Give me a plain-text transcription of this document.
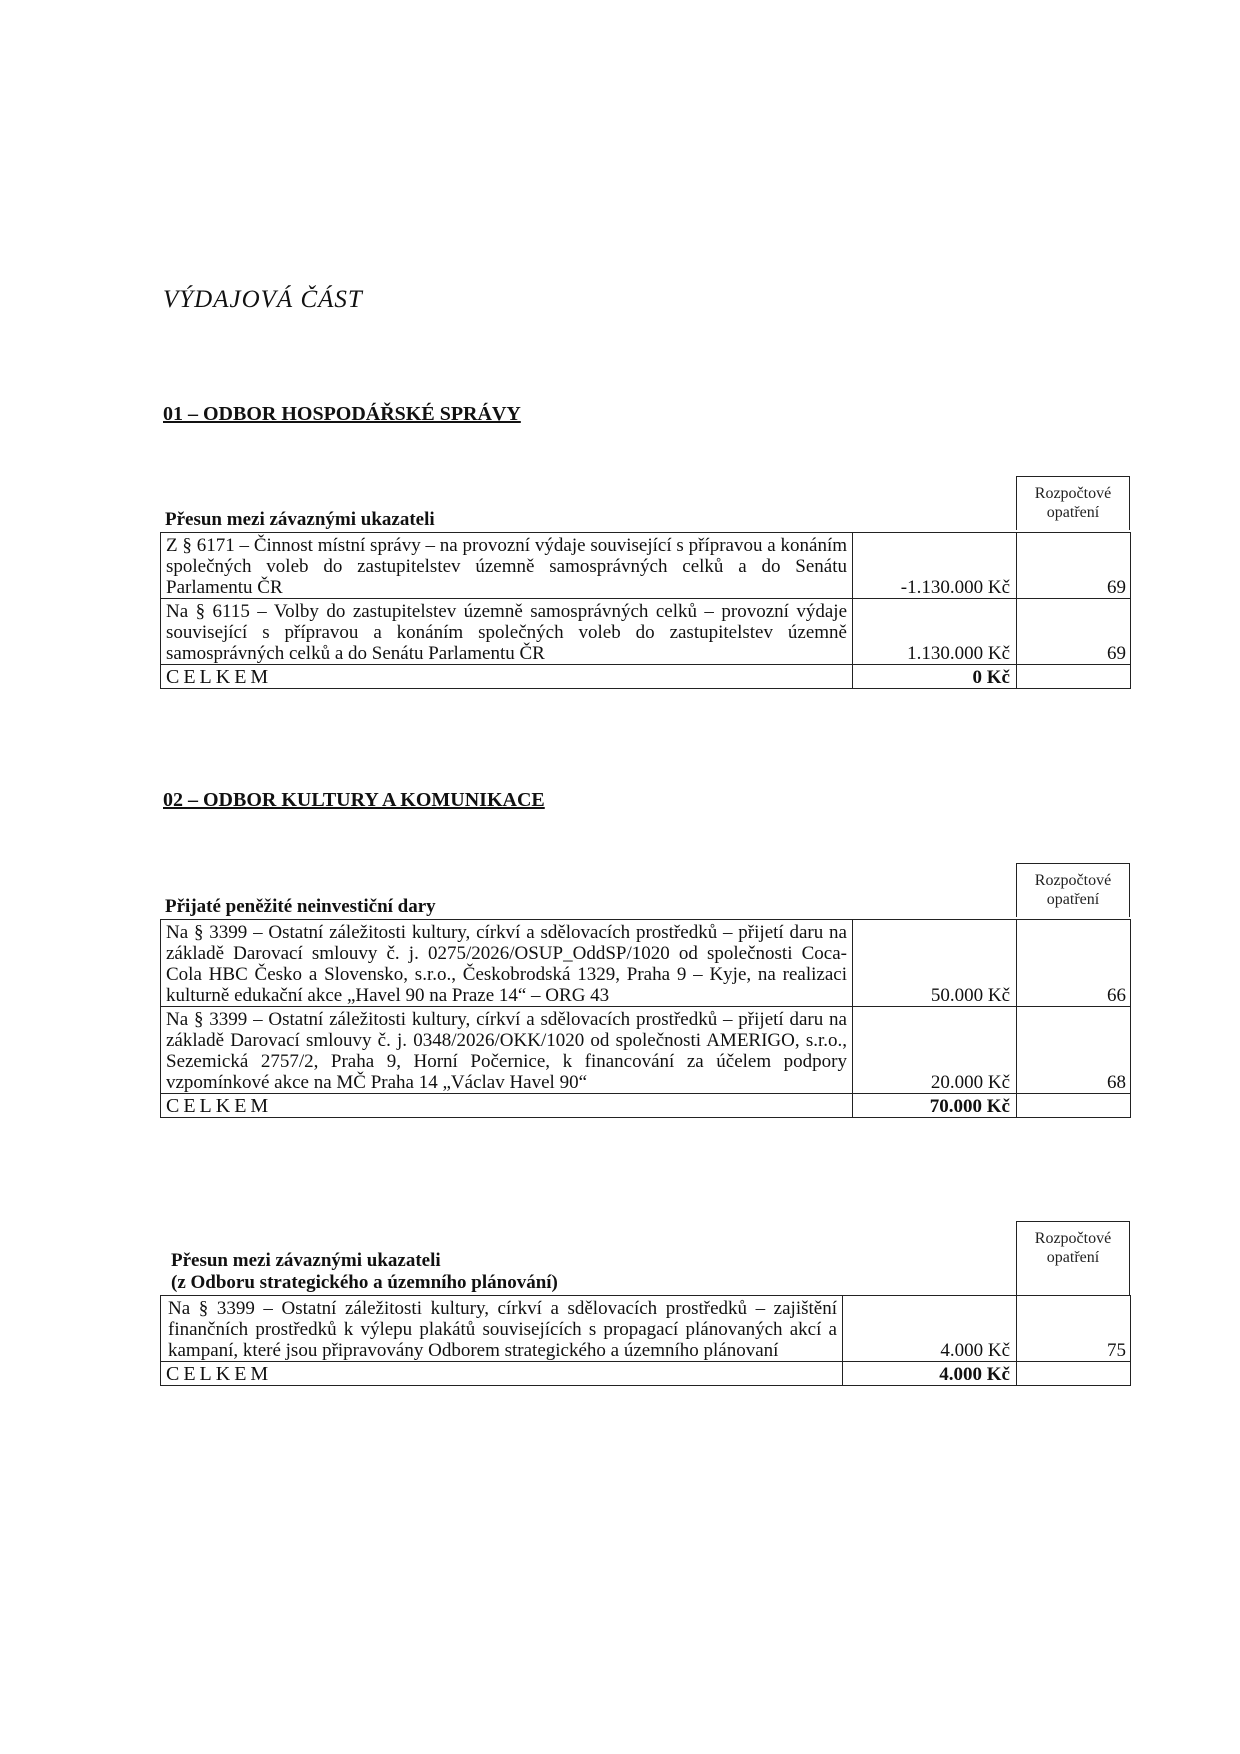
VÝDAJOVÁ ČÁST
01 – ODBOR HOSPODÁŘSKÉ SPRÁVY
Přesun mezi závaznými ukazateli
Rozpočtové opatření
Z § 6171 – Činnost místní správy – na provozní výdaje související s přípravou a konáním společných voleb do zastupitelstev územně samosprávných celků a do Senátu Parlamentu ČR	-1.130.000 Kč	69
Na § 6115 – Volby do zastupitelstev územně samosprávných celků – provozní výdaje související s přípravou a konáním společných voleb do zastupitelstev územně samosprávných celků a do Senátu Parlamentu ČR	1.130.000 Kč	69
CELKEM	0 Kč	
02 – ODBOR KULTURY A KOMUNIKACE
Přijaté peněžité neinvestiční dary
Rozpočtové opatření
Na § 3399 – Ostatní záležitosti kultury, církví a sdělovacích prostředků – přijetí daru na základě Darovací smlouvy č. j. 0275/2026/OSUP_OddSP/1020 od společnosti Coca-Cola HBC Česko a Slovensko, s.r.o., Českobrodská 1329, Praha 9 – Kyje, na realizaci kulturně edukační akce „Havel 90 na Praze 14“ – ORG 43	50.000 Kč	66
Na § 3399 – Ostatní záležitosti kultury, církví a sdělovacích prostředků – přijetí daru na základě Darovací smlouvy č. j. 0348/2026/OKK/1020 od společnosti AMERIGO, s.r.o., Sezemická 2757/2, Praha 9, Horní Počernice, k financování za účelem podpory vzpomínkové akce na MČ Praha 14 „Václav Havel 90“	20.000 Kč	68
CELKEM	70.000 Kč	
Přesun mezi závaznými ukazateli
(z Odboru strategického a územního plánování)
Rozpočtové opatření
Na § 3399 – Ostatní záležitosti kultury, církví a sdělovacích prostředků – zajištění finančních prostředků k výlepu plakátů souvisejících s propagací plánovaných akcí a kampaní, které jsou připravovány Odborem strategického a územního plánovaní	4.000 Kč	75
CELKEM	4.000 Kč	
